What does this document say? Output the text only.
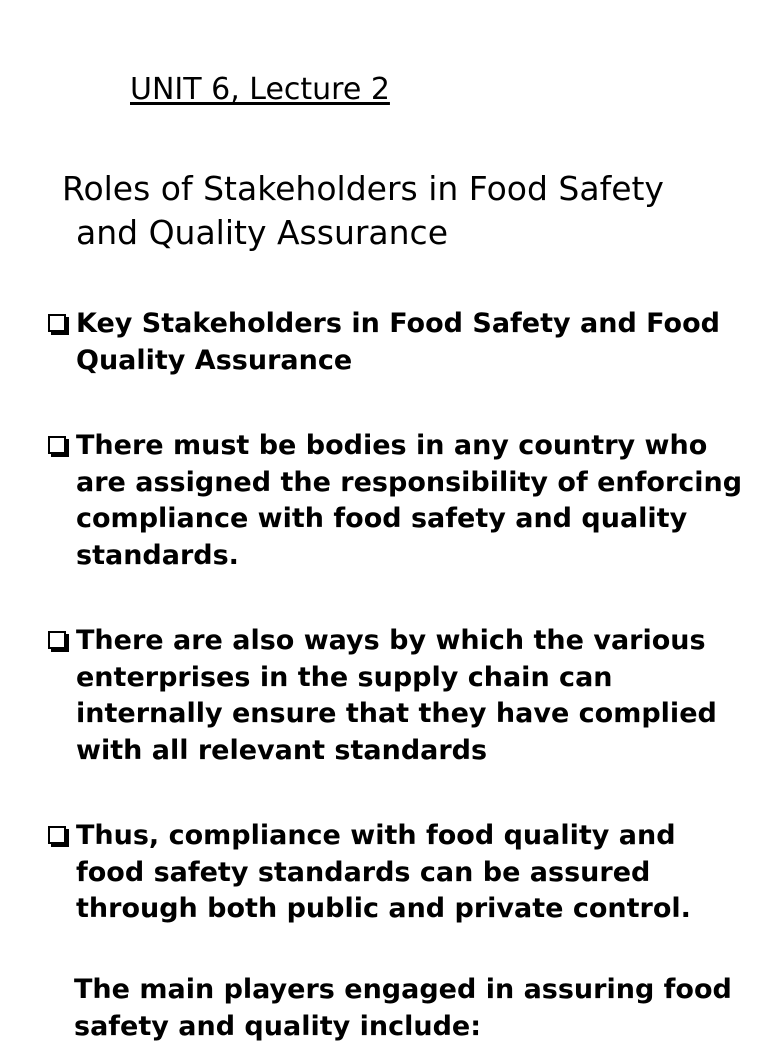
UNIT 6, Lecture 2
Roles of Stakeholders in Food Safety
and Quality Assurance
Key Stakeholders in Food Safety and Food Quality Assurance
There must be bodies in any country who are assigned the responsibility of enforcing compliance with food safety and quality standards.
There are also ways by which the various enterprises in the supply chain can internally ensure that they have complied with all relevant standards
Thus, compliance with food quality and food safety standards can be assured through both public and private control.

The main players engaged in assuring food safety and quality include:
